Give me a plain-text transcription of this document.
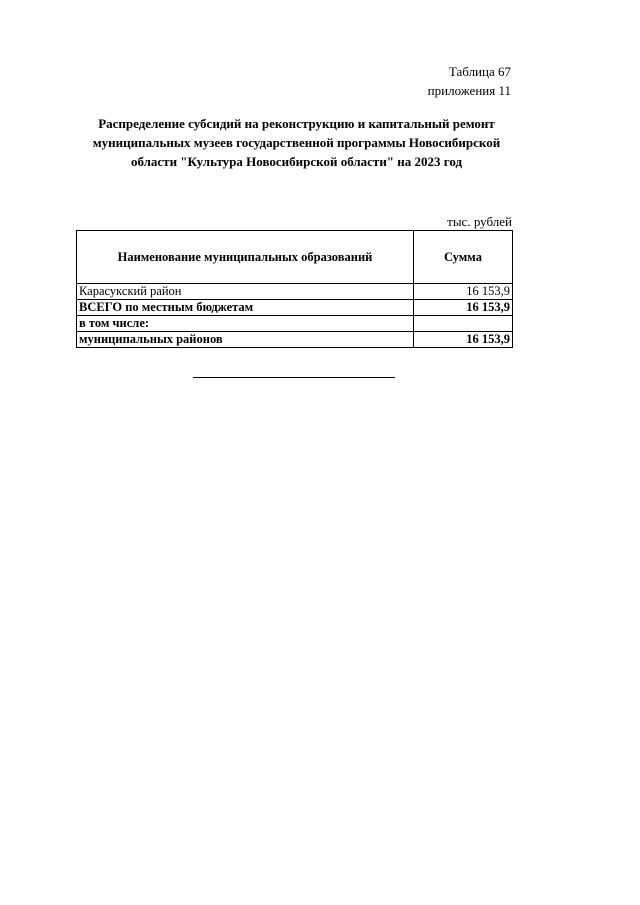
Таблица 67
приложения 11
Распределение субсидий на реконструкцию и капитальный ремонт
муниципальных музеев государственной программы Новосибирской
области "Культура Новосибирской области" на 2023 год
тыс. рублей
Наименование муниципальных образований	Сумма
Карасукский район	16 153,9
ВСЕГО по местным бюджетам	16 153,9
в том числе:	
муниципальных районов	16 153,9
